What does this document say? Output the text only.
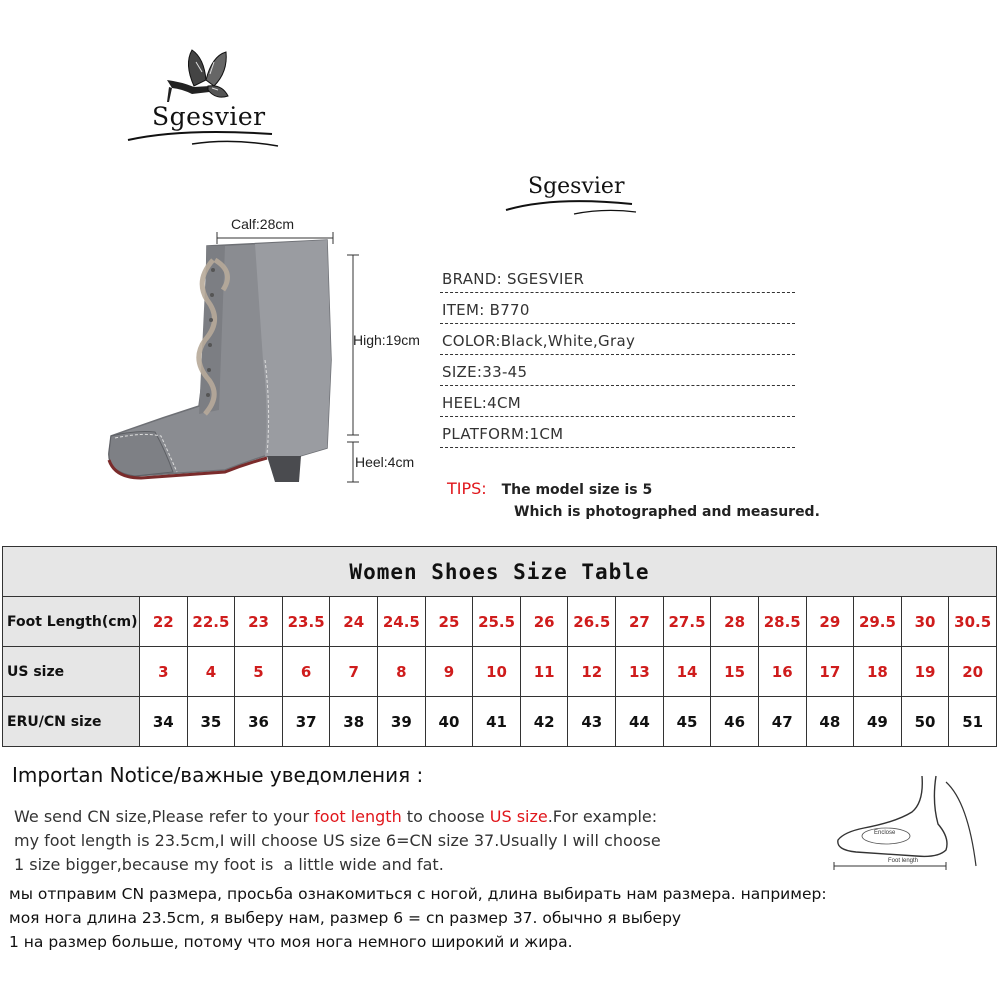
Sgesvier
Sgesvier
Calf:28cm
High:19cm
Heel:4cm
BRAND: SGESVIER
ITEM: B770
COLOR:Black,White,Gray
SIZE:33-45
HEEL:4CM
PLATFORM:1CM
TIPS: The model size is 5
Which is photographed and measured.
Women Shoes Size Table																		
Foot Length(cm)	22	22.5	23	23.5	24	24.5	25	25.5	26	26.5	27	27.5	28	28.5	29	29.5	30	30.5
US size	3	4	5	6	7	8	9	10	11	12	13	14	15	16	17	18	19	20
ERU/CN size	34	35	36	37	38	39	40	41	42	43	44	45	46	47	48	49	50	51
Importan Notice/важные уведомления :
We send CN size,Please refer to your foot length to choose US size.For example:
my foot length is 23.5cm,I will choose US size 6=CN size 37.Usually I will choose
1 size bigger,because my foot is  a little wide and fat.
мы отправим CN размера, просьба ознакомиться с ногой, длина выбирать нам размера. например:
моя нога длина 23.5cm, я выберу нам, размер 6 = cn размер 37. обычно я выберу
1 на размер больше, потому что моя нога немного широкий и жира.
Enclose
Foot length
